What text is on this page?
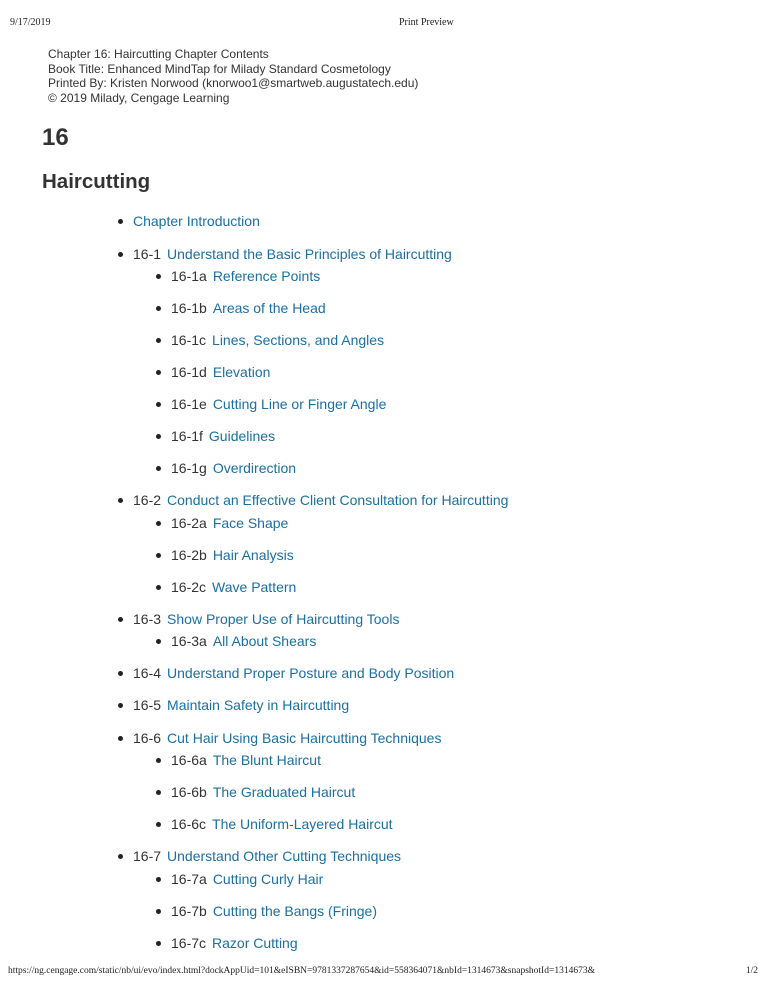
9/17/2019	Print Preview
Chapter 16: Haircutting Chapter Contents
Book Title: Enhanced MindTap for Milady Standard Cosmetology
Printed By: Kristen Norwood (knorwoo1@smartweb.augustatech.edu)
© 2019 Milady, Cengage Learning
16
Haircutting
Chapter Introduction
16-1 Understand the Basic Principles of Haircutting
16-1a Reference Points
16-1b Areas of the Head
16-1c Lines, Sections, and Angles
16-1d Elevation
16-1e Cutting Line or Finger Angle
16-1f Guidelines
16-1g Overdirection
16-2 Conduct an Effective Client Consultation for Haircutting
16-2a Face Shape
16-2b Hair Analysis
16-2c Wave Pattern
16-3 Show Proper Use of Haircutting Tools
16-3a All About Shears
16-4 Understand Proper Posture and Body Position
16-5 Maintain Safety in Haircutting
16-6 Cut Hair Using Basic Haircutting Techniques
16-6a The Blunt Haircut
16-6b The Graduated Haircut
16-6c The Uniform-Layered Haircut
16-7 Understand Other Cutting Techniques
16-7a Cutting Curly Hair
16-7b Cutting the Bangs (Fringe)
16-7c Razor Cutting
https://ng.cengage.com/static/nb/ui/evo/index.html?dockAppUid=101&eISBN=9781337287654&id=558364071&nbId=1314673&snapshotId=1314673&	1/2
